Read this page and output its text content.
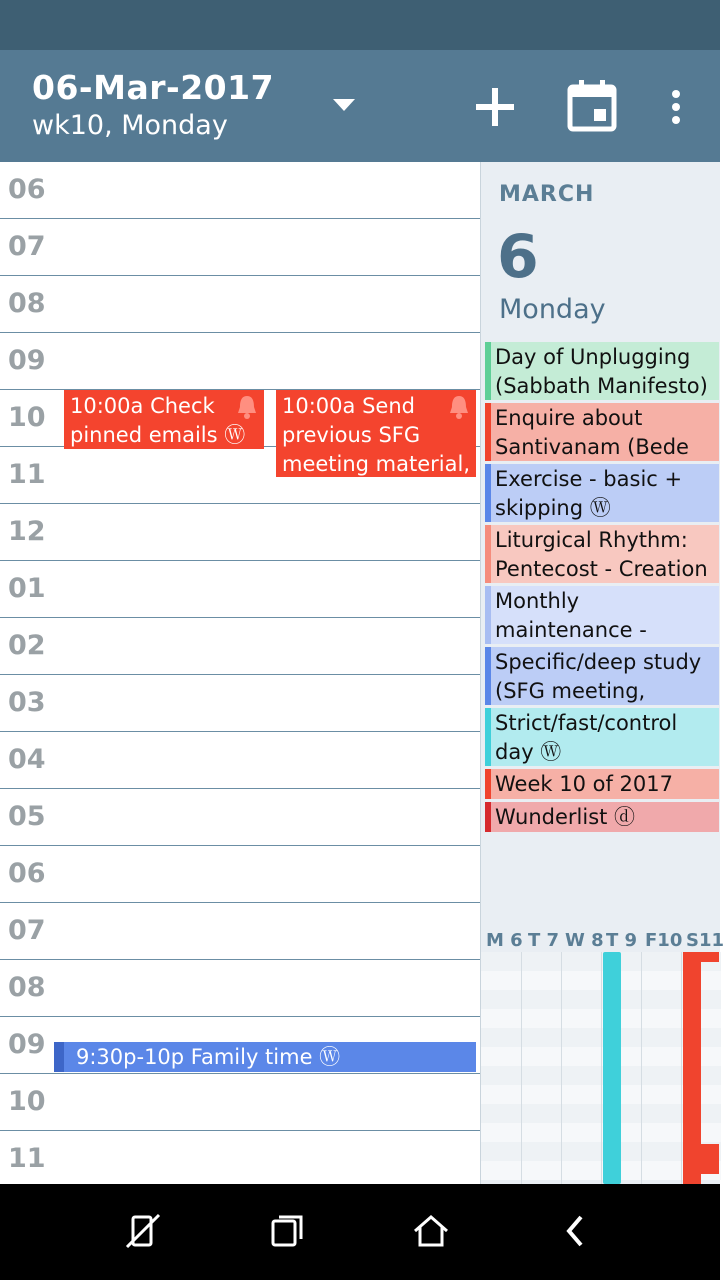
06-Mar-2017
wk10, Monday
06
07
08
09
10
11
12
01
02
03
04
05
06
07
08
09
10
11
10:00a Check pinned emails Ⓦ
10:00a Send previous SFG meeting material,
9:30p-10p Family time Ⓦ
MARCH
6
Monday
Day of Unplugging
(Sabbath Manifesto)
Enquire about
Santivanam (Bede
Exercise - basic +
skipping Ⓦ
Liturgical Rhythm:
Pentecost - Creation
Monthly
maintenance -
Specific/deep study
(SFG meeting,
Strict/fast/control
day Ⓦ
Week 10 of 2017
Wunderlist ⓓ
M 6 T 7 W 8 T 9 F10 S11
